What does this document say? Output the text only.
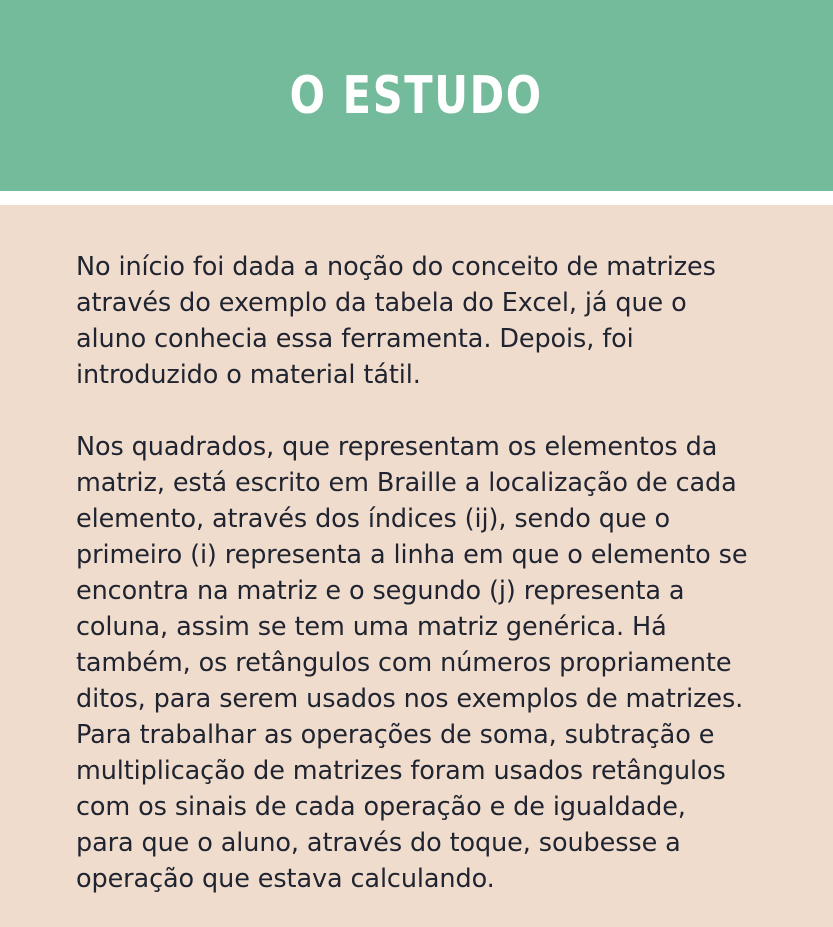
O ESTUDO

No início foi dada a noção do conceito de matrizes através do exemplo da tabela do Excel, já que o aluno conhecia essa ferramenta. Depois, foi introduzido o material tátil.

Nos quadrados, que representam os elementos da matriz, está escrito em Braille a localização de cada elemento, através dos índices (ij), sendo que o primeiro (i) representa a linha em que o elemento se encontra na matriz e o segundo (j) representa a coluna, assim se tem uma matriz genérica. Há também, os retângulos com números propriamente ditos, para serem usados nos exemplos de matrizes. Para trabalhar as operações de soma, subtração e multiplicação de matrizes foram usados retângulos com os sinais de cada operação e de igualdade, para que o aluno, através do toque, soubesse a operação que estava calculando.
